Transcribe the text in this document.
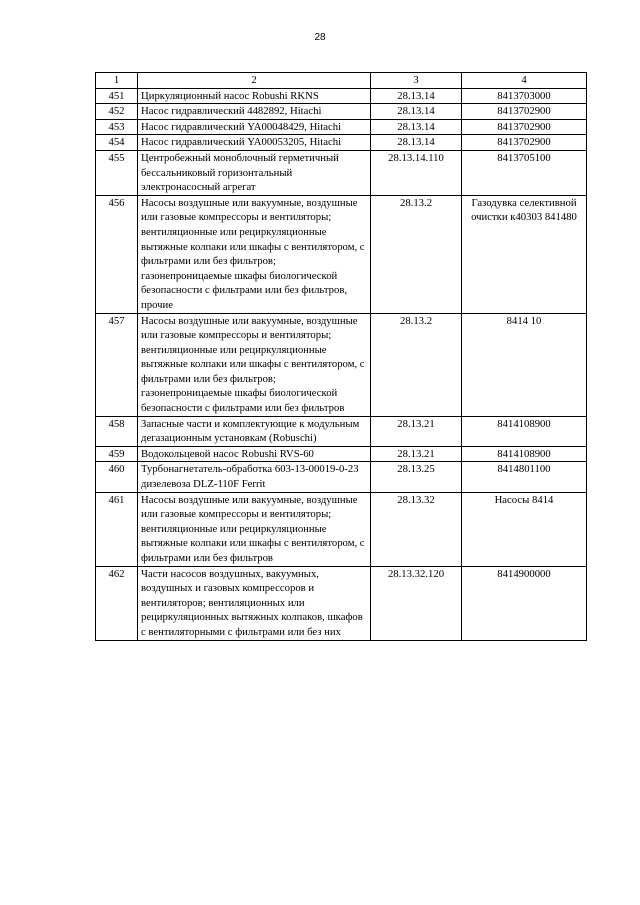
28
1	2	3	4
451	Циркуляционный насос Robushi RKNS	28.13.14	8413703000
452	Насос гидравлический 4482892, Hitachi	28.13.14	8413702900
453	Насос гидравлический YA00048429, Hitachi	28.13.14	8413702900
454	Насос гидравлический YA00053205, Hitachi	28.13.14	8413702900
455	Центробежный моноблочный герметичный бессальниковый горизонтальный электронасосный агрегат	28.13.14.110	8413705100
456	Насосы воздушные или вакуумные, воздушные или газовые компрессоры и вентиляторы; вентиляционные или рециркуляционные вытяжные колпаки или шкафы с вентилятором, с фильтрами или без фильтров; газонепроницаемые шкафы биологической безопасности с фильтрами или без фильтров, прочие	28.13.2	Газодувка селективной очистки к40303 841480
457	Насосы воздушные или вакуумные, воздушные или газовые компрессоры и вентиляторы; вентиляционные или рециркуляционные вытяжные колпаки или шкафы с вентилятором, с фильтрами или без фильтров; газонепроницаемые шкафы биологической безопасности с фильтрами или без фильтров	28.13.2	8414 10
458	Запасные части и комплектующие к модульным дегазационным установкам (Robuschi)	28.13.21	8414108900
459	Водокольцевой насос Robushi RVS-60	28.13.21	8414108900
460	Турбонагнетатель-обработка 603-13-00019-0-23 дизелевоза DLZ-110F Ferrit	28.13.25	8414801100
461	Насосы воздушные или вакуумные, воздушные или газовые компрессоры и вентиляторы; вентиляционные или рециркуляционные вытяжные колпаки или шкафы с вентилятором, с фильтрами или без фильтров	28.13.32	Насосы 8414
462	Части насосов воздушных, вакуумных, воздушных и газовых компрессоров и вентиляторов; вентиляционных или рециркуляционных вытяжных колпаков, шкафов с вентиляторными с фильтрами или без них	28.13.32.120	8414900000
